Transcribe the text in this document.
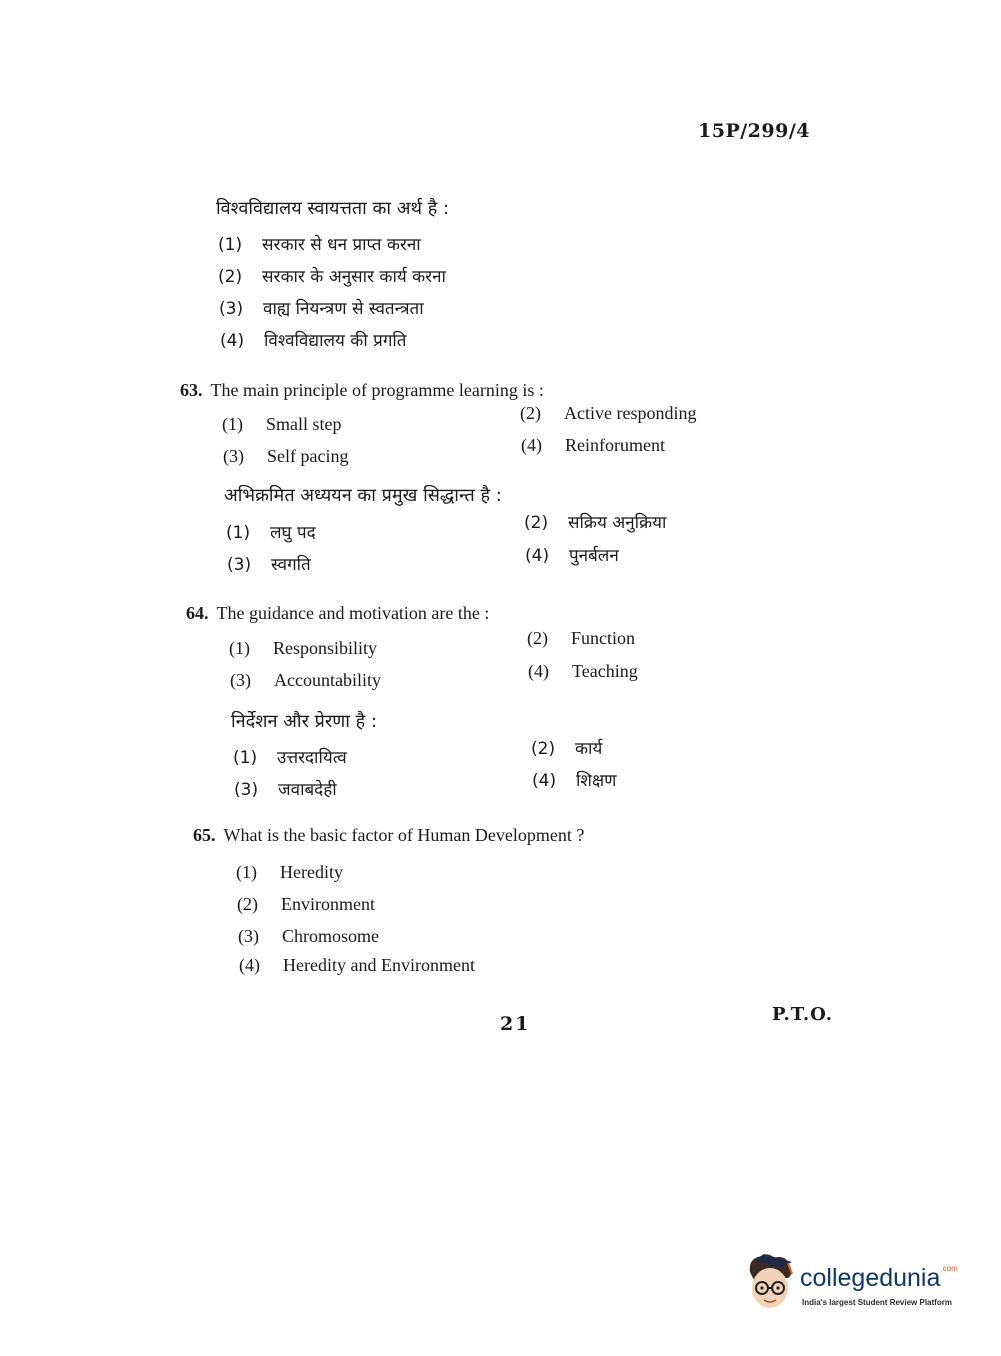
15P/299/4
विश्वविद्यालय स्वायत्तता का अर्थ है :
(1) सरकार से धन प्राप्त करना
(2) सरकार के अनुसार कार्य करना
(3) वाह्य नियन्त्रण से स्वतन्त्रता
(4) विश्वविद्यालय की प्रगति
63. The main principle of programme learning is :
(1) Small step
(2) Active responding
(3) Self pacing
(4) Reinforument
अभिक्रमित अध्ययन का प्रमुख सिद्धान्त है :
(1) लघु पद	(2) सक्रिय अनुक्रिया
(3) स्वगति	(4) पुनर्बलन
64. The guidance and motivation are the :
(1) Responsibility	(2) Function
(3) Accountability	(4) Teaching
निर्देशन और प्रेरणा है :
(1) उत्तरदायित्व	(2) कार्य
(3) जवाबदेही	(4) शिक्षण
65. What is the basic factor of Human Development ?
(1) Heredity
(2) Environment
(3) Chromosome
(4) Heredity and Environment
21	P.T.O.
collegedunia$^{.com}$
India's largest Student Review Platform
